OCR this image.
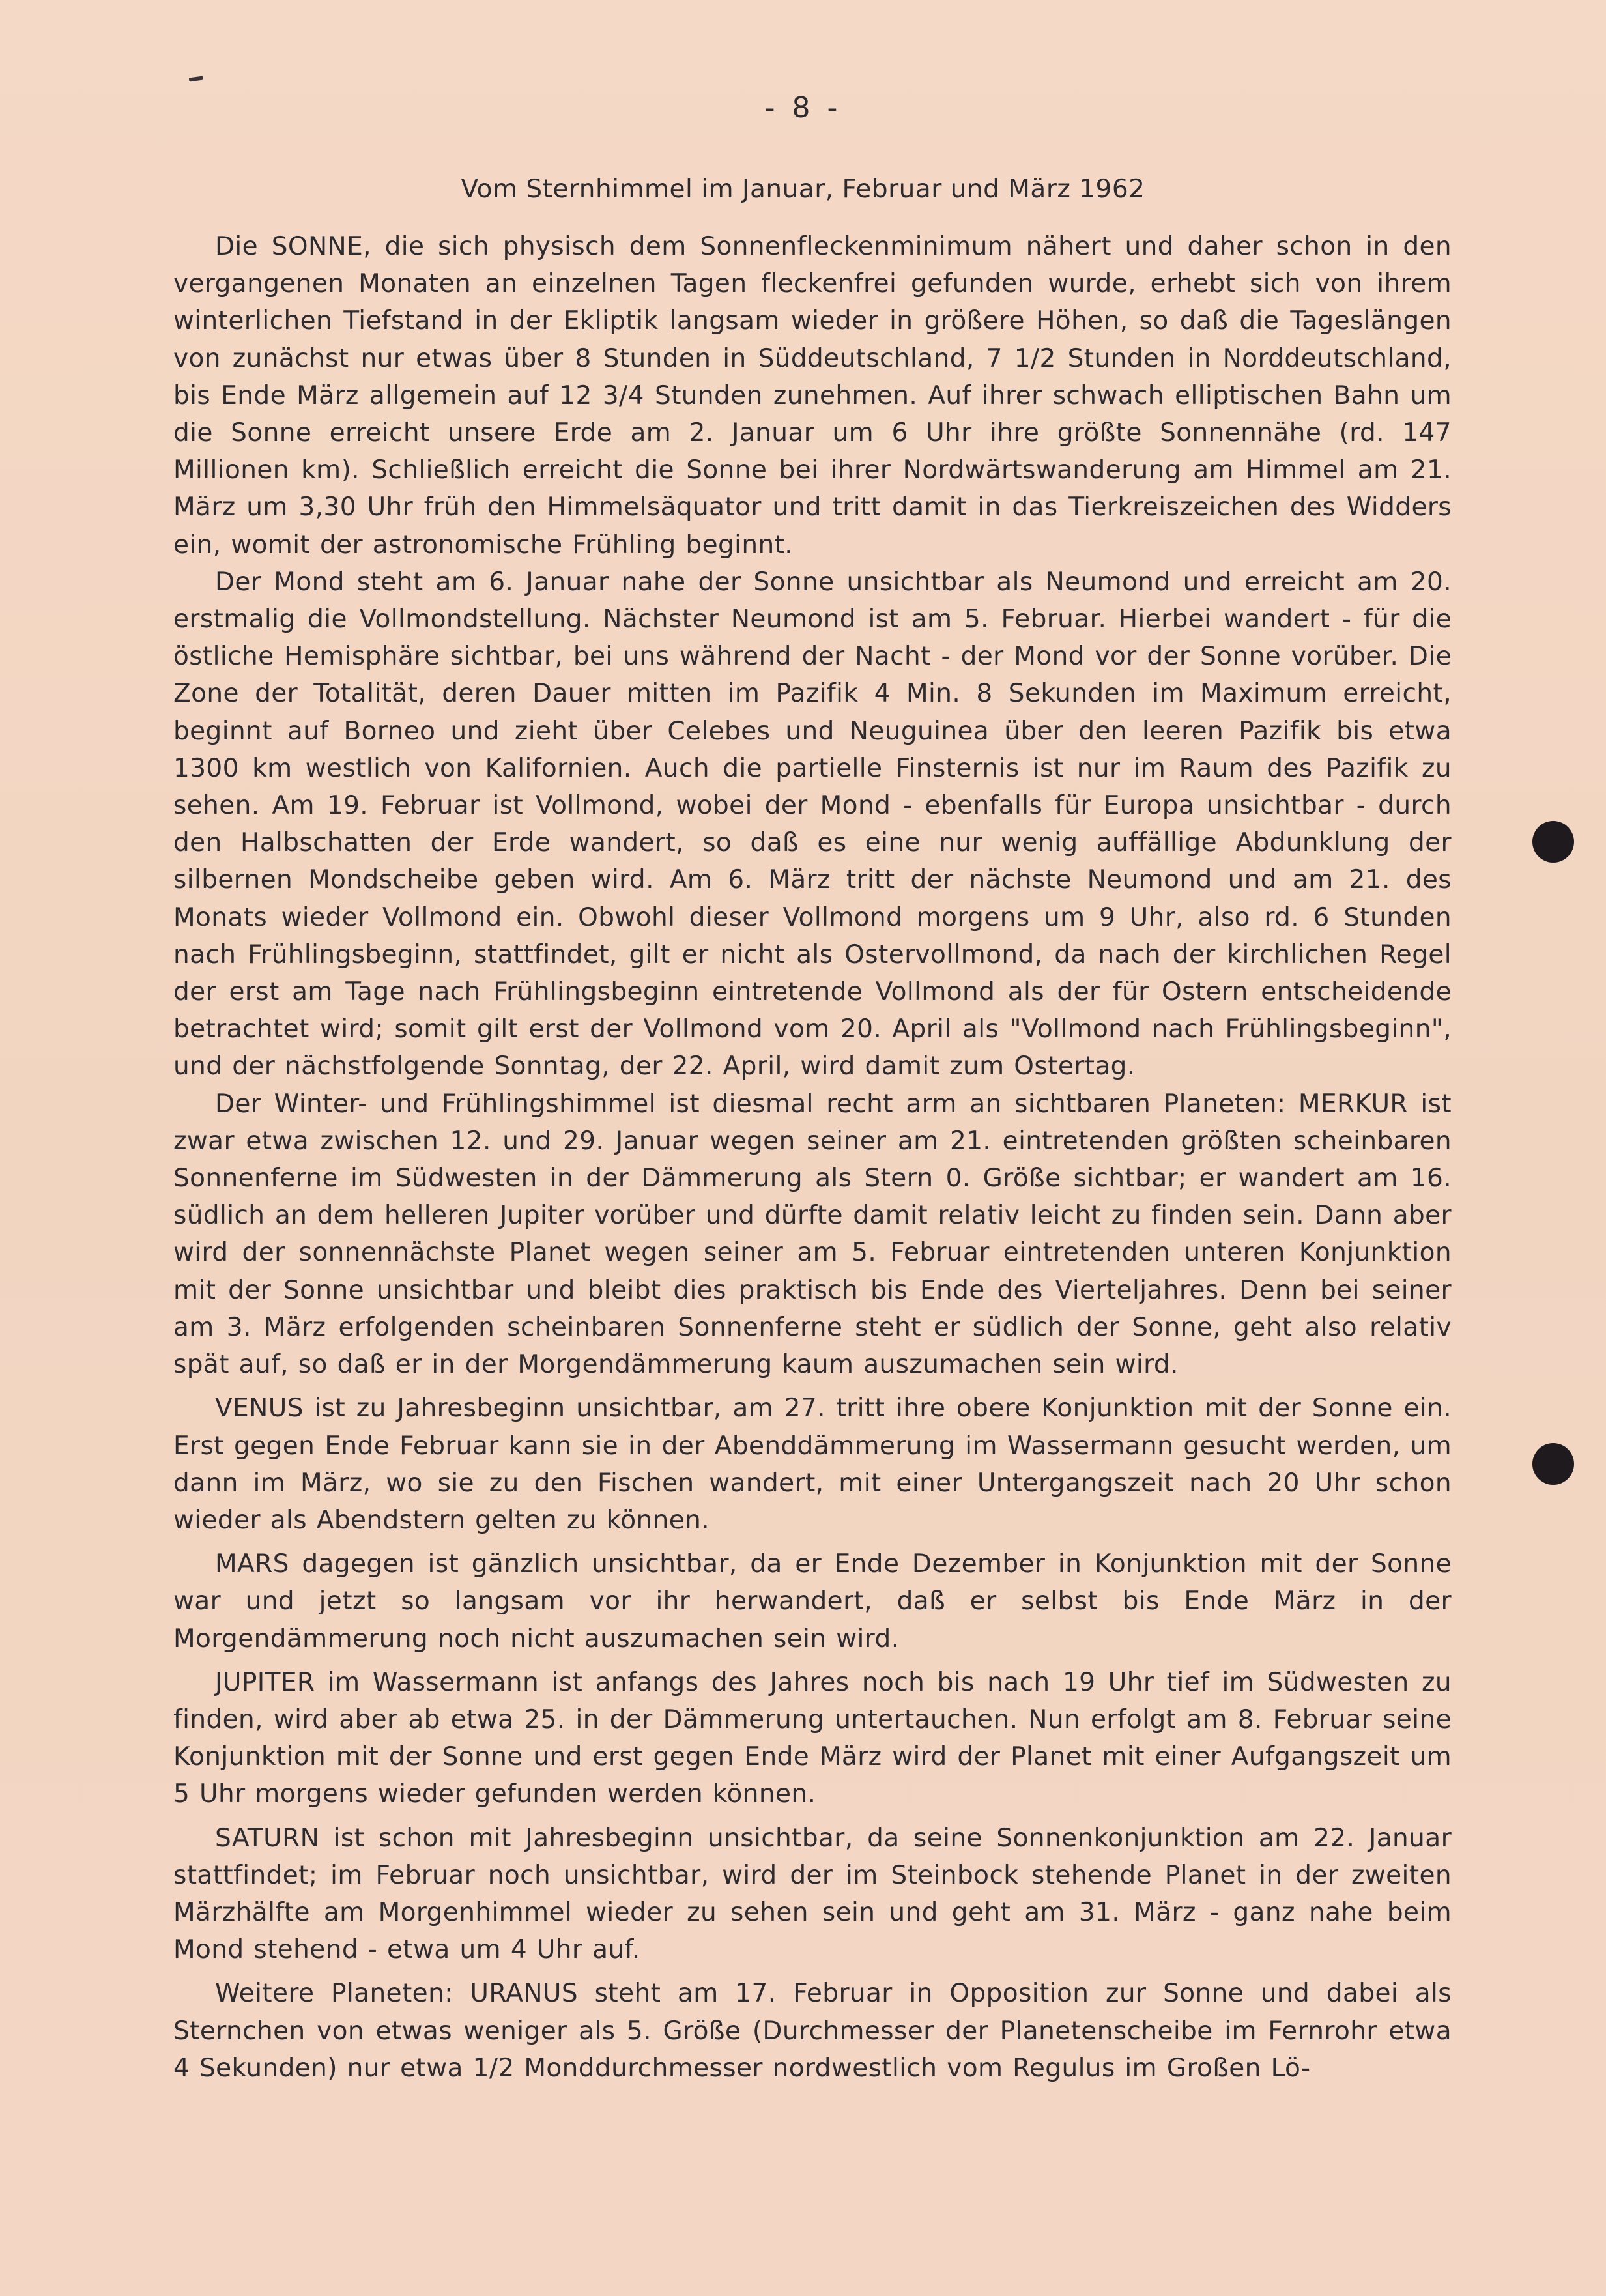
- 8 -
Vom Sternhimmel im Januar, Februar und März 1962

Die SONNE, die sich physisch dem Sonnenfleckenminimum nähert und daher schon in den vergangenen Monaten an einzelnen Tagen fleckenfrei gefunden wurde, erhebt sich von ihrem winterlichen Tiefstand in der Ekliptik langsam wieder in größere Höhen, so daß die Tageslängen von zunächst nur etwas über 8 Stunden in Süddeutschland, 7 1/2 Stunden in Norddeutschland, bis Ende März allgemein auf 12 3/4 Stunden zunehmen. Auf ihrer schwach elliptischen Bahn um die Sonne erreicht unsere Erde am 2. Januar um 6 Uhr ihre größte Sonnennähe (rd. 147 Millionen km). Schließlich erreicht die Sonne bei ihrer Nordwärtswanderung am Himmel am 21. März um 3,30 Uhr früh den Himmelsäquator und tritt damit in das Tierkreiszeichen des Widders ein, womit der astronomische Frühling beginnt.

Der Mond steht am 6. Januar nahe der Sonne unsichtbar als Neumond und erreicht am 20. erstmalig die Vollmondstellung. Nächster Neumond ist am 5. Februar. Hierbei wandert - für die östliche Hemisphäre sichtbar, bei uns während der Nacht - der Mond vor der Sonne vorüber. Die Zone der Totalität, deren Dauer mitten im Pazifik 4 Min. 8 Sekunden im Maximum erreicht, beginnt auf Borneo und zieht über Celebes und Neuguinea über den leeren Pazifik bis etwa 1300 km westlich von Kalifornien. Auch die partielle Finsternis ist nur im Raum des Pazifik zu sehen. Am 19. Februar ist Vollmond, wobei der Mond - ebenfalls für Europa unsichtbar - durch den Halbschatten der Erde wandert, so daß es eine nur wenig auffällige Abdunklung der silbernen Mondscheibe geben wird. Am 6. März tritt der nächste Neumond und am 21. des Monats wieder Vollmond ein. Obwohl dieser Vollmond morgens um 9 Uhr, also rd. 6 Stunden nach Frühlingsbeginn, stattfindet, gilt er nicht als Ostervollmond, da nach der kirchlichen Regel der erst am Tage nach Frühlingsbeginn eintretende Vollmond als der für Ostern entscheidende betrachtet wird; somit gilt erst der Vollmond vom 20. April als "Vollmond nach Frühlingsbeginn", und der nächstfolgende Sonntag, der 22. April, wird damit zum Ostertag.

Der Winter- und Frühlingshimmel ist diesmal recht arm an sichtbaren Planeten: MERKUR ist zwar etwa zwischen 12. und 29. Januar wegen seiner am 21. eintretenden größten scheinbaren Sonnenferne im Südwesten in der Dämmerung als Stern 0. Größe sichtbar; er wandert am 16. südlich an dem helleren Jupiter vorüber und dürfte damit relativ leicht zu finden sein. Dann aber wird der sonnennächste Planet wegen seiner am 5. Februar eintretenden unteren Konjunktion mit der Sonne unsichtbar und bleibt dies praktisch bis Ende des Vierteljahres. Denn bei seiner am 3. März erfolgenden scheinbaren Sonnenferne steht er südlich der Sonne, geht also relativ spät auf, so daß er in der Morgendämmerung kaum auszumachen sein wird.

VENUS ist zu Jahresbeginn unsichtbar, am 27. tritt ihre obere Konjunktion mit der Sonne ein. Erst gegen Ende Februar kann sie in der Abenddämmerung im Wassermann gesucht werden, um dann im März, wo sie zu den Fischen wandert, mit einer Untergangszeit nach 20 Uhr schon wieder als Abendstern gelten zu können.

MARS dagegen ist gänzlich unsichtbar, da er Ende Dezember in Konjunktion mit der Sonne war und jetzt so langsam vor ihr herwandert, daß er selbst bis Ende März in der Morgendämmerung noch nicht auszumachen sein wird.

JUPITER im Wassermann ist anfangs des Jahres noch bis nach 19 Uhr tief im Südwesten zu finden, wird aber ab etwa 25. in der Dämmerung untertauchen. Nun erfolgt am 8. Februar seine Konjunktion mit der Sonne und erst gegen Ende März wird der Planet mit einer Aufgangszeit um 5 Uhr morgens wieder gefunden werden können.

SATURN ist schon mit Jahresbeginn unsichtbar, da seine Sonnenkonjunktion am 22. Januar stattfindet; im Februar noch unsichtbar, wird der im Steinbock stehende Planet in der zweiten Märzhälfte am Morgenhimmel wieder zu sehen sein und geht am 31. März - ganz nahe beim Mond stehend - etwa um 4 Uhr auf.

Weitere Planeten: URANUS steht am 17. Februar in Opposition zur Sonne und dabei als Sternchen von etwas weniger als 5. Größe (Durchmesser der Planetenscheibe im Fernrohr etwa 4 Sekunden) nur etwa 1/2 Monddurchmesser nordwestlich vom Regulus im Großen Lö-
